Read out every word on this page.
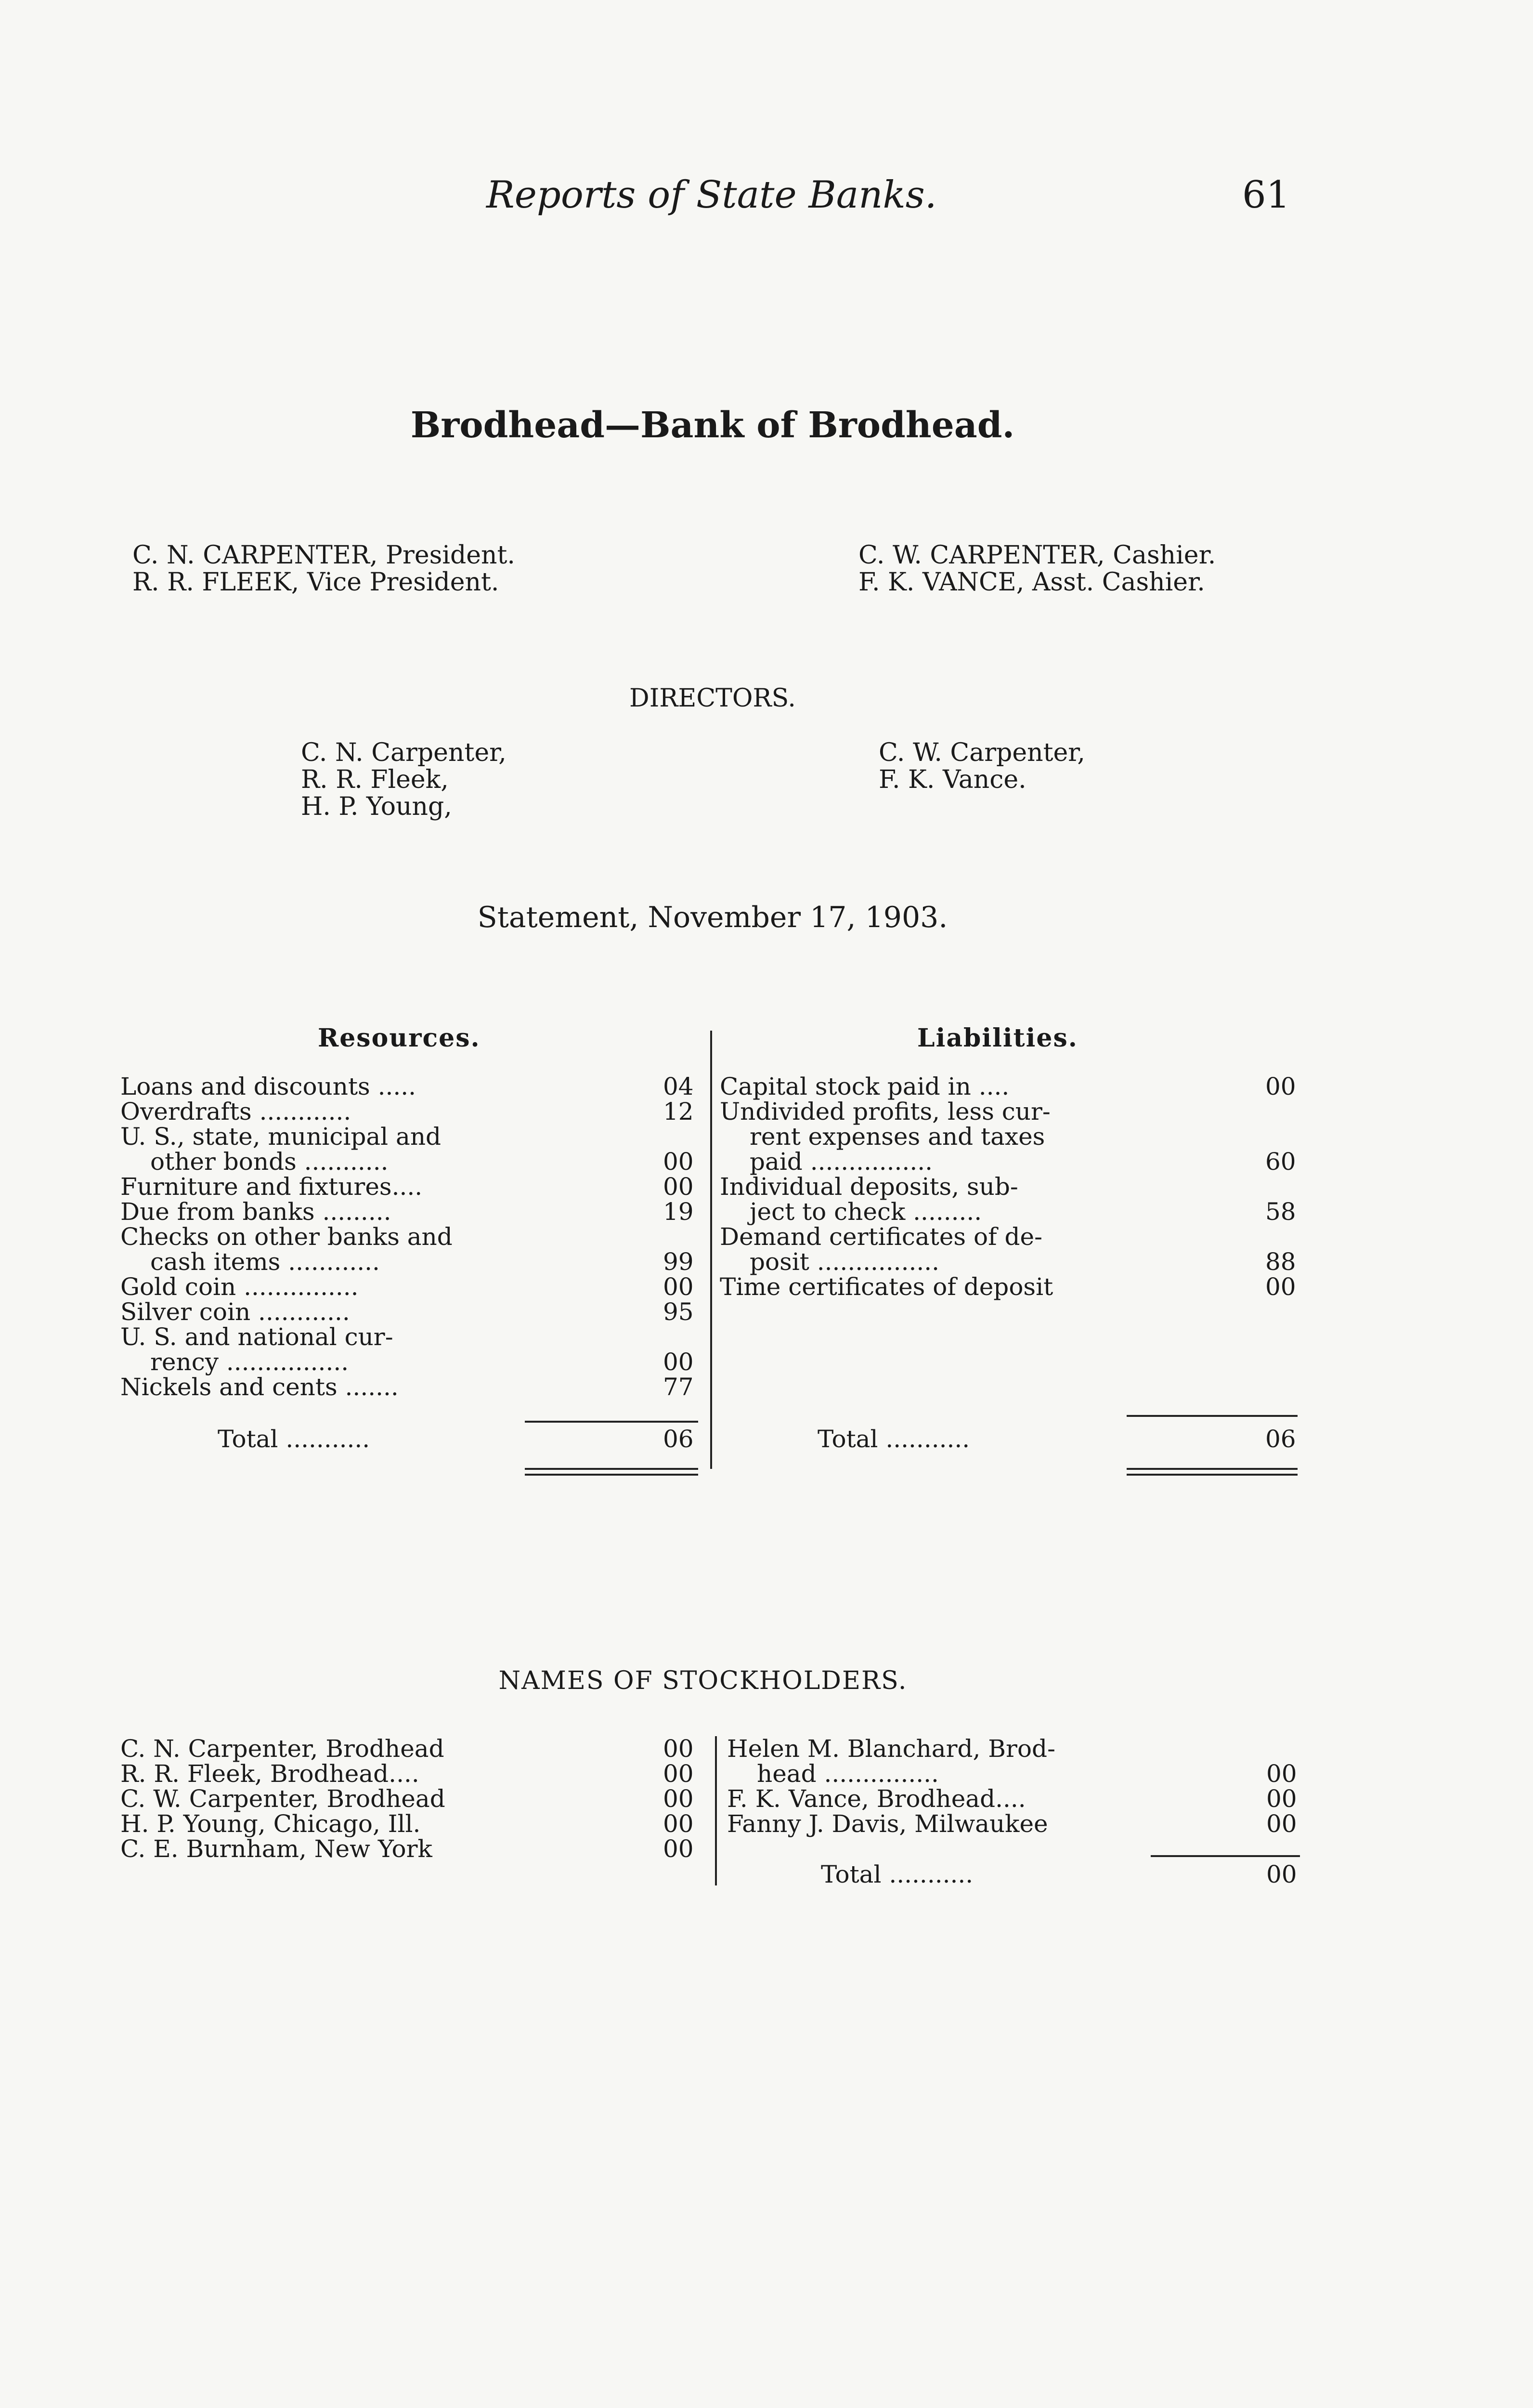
Reports of State Banks.	61
Brodhead—Bank of Brodhead.
C. N. CARPENTER, President.
R. R. FLEEK, Vice President.
C. W. CARPENTER, Cashier.
F. K. VANCE, Asst. Cashier.
DIRECTORS.
C. N. Carpenter,
R. R. Fleek,
H. P. Young,
C. W. Carpenter,
F. K. Vance.
Statement, November 17, 1903.
Resources.	Liabilities.
Loans and discounts .....	04
Overdrafts ............	12
U. S., state, municipal and
other bonds ...........	00
Furniture and fixtures....	00
Due from banks .........	19
Checks on other banks and
cash items ............	99
Gold coin ...............	00
Silver coin ............	95
U. S. and national cur-
rency ................	00
Nickels and cents .......	77
Total ...........	06
Capital stock paid in ....	00
Undivided profits, less cur-
rent expenses and taxes
paid ................	60
Individual deposits, sub-
ject to check .........	58
Demand certificates of de-
posit ................	88
Time certificates of deposit	00
Total ...........	06
NAMES OF STOCKHOLDERS.
C. N. Carpenter, Brodhead	00
R. R. Fleek, Brodhead....	00
C. W. Carpenter, Brodhead	00
H. P. Young, Chicago, Ill.	00
C. E. Burnham, New York	00
Helen M. Blanchard, Brod-
head ...............	00
F. K. Vance, Brodhead....	00
Fanny J. Davis, Milwaukee	00
Total ...........	00
